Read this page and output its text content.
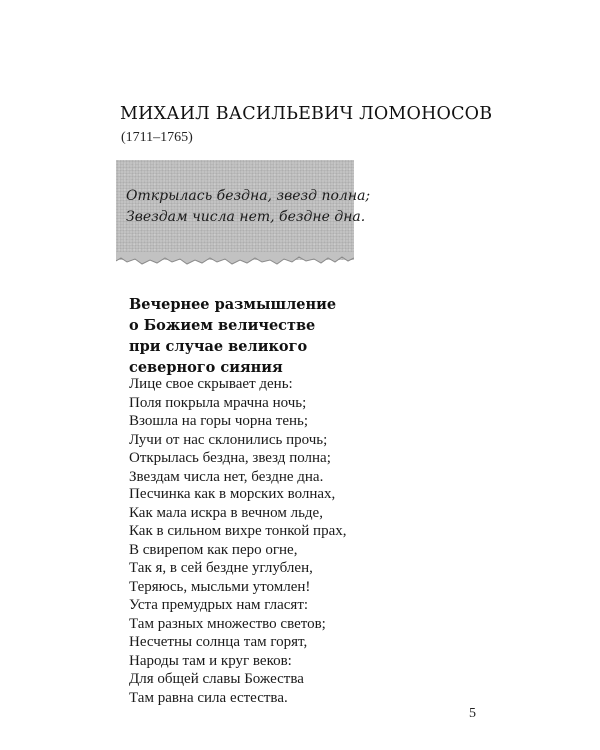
МИХАИЛ ВАСИЛЬЕВИЧ ЛОМОНОСОВ
(1711–1765)
Открылась бездна, звезд полна;
Звездам числа нет, бездне дна.
Вечернее размышление
о Божием величестве
при случае великого
северного сияния
Лице свое скрывает день:
Поля покрыла мрачна ночь;
Взошла на горы чорна тень;
Лучи от нас склонились прочь;
Открылась бездна, звезд полна;
Звездам числа нет, бездне дна.
Песчинка как в морских волнах,
Как мала искра в вечном льде,
Как в сильном вихре тонкой прах,
В свирепом как перо огне,
Так я, в сей бездне углублен,
Теряюсь, мысльми утомлен!
Уста премудрых нам гласят:
Там разных множество светов;
Несчетны солнца там горят,
Народы там и круг веков:
Для общей славы Божества
Там равна сила естества.
5
